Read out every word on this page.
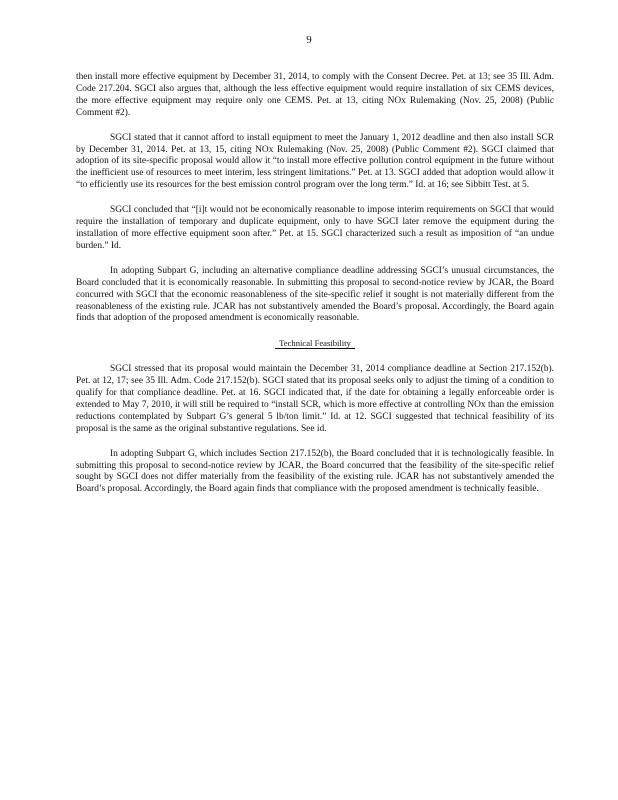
9

then install more effective equipment by December 31, 2014, to comply with the Consent Decree. Pet. at 13; see 35 Ill. Adm. Code 217.204. SGCI also argues that, although the less effective equipment would require installation of six CEMS devices, the more effective equipment may require only one CEMS. Pet. at 13, citing NOx Rulemaking (Nov. 25, 2008) (Public Comment #2).

SGCI stated that it cannot afford to install equipment to meet the January 1, 2012 deadline and then also install SCR by December 31, 2014. Pet. at 13, 15, citing NOx Rulemaking (Nov. 25, 2008) (Public Comment #2). SGCI claimed that adoption of its site-specific proposal would allow it “to install more effective pollution control equipment in the future without the inefficient use of resources to meet interim, less stringent limitations.” Pet. at 13. SGCI added that adoption would allow it “to efficiently use its resources for the best emission control program over the long term.” Id. at 16; see Sibbitt Test. at 5.

SGCI concluded that “[i]t would not be economically reasonable to impose interim requirements on SGCI that would require the installation of temporary and duplicate equipment, only to have SGCI later remove the equipment during the installation of more effective equipment soon after.” Pet. at 15. SGCI characterized such a result as imposition of “an undue burden.” Id.

In adopting Subpart G, including an alternative compliance deadline addressing SGCI’s unusual circumstances, the Board concluded that it is economically reasonable. In submitting this proposal to second-notice review by JCAR, the Board concurred with SGCI that the economic reasonableness of the site-specific relief it sought is not materially different from the reasonableness of the existing rule. JCAR has not substantively amended the Board’s proposal. Accordingly, the Board again finds that adoption of the proposed amendment is economically reasonable.

Technical Feasibility

SGCI stressed that its proposal would maintain the December 31, 2014 compliance deadline at Section 217.152(b). Pet. at 12, 17; see 35 Ill. Adm. Code 217.152(b). SGCI stated that its proposal seeks only to adjust the timing of a condition to qualify for that compliance deadline. Pet. at 16. SGCI indicated that, if the date for obtaining a legally enforceable order is extended to May 7, 2010, it will still be required to “install SCR, which is more effective at controlling NOx than the emission reductions contemplated by Subpart G’s general 5 lb/ton limit.” Id. at 12. SGCI suggested that technical feasibility of its proposal is the same as the original substantive regulations. See id.

In adopting Subpart G, which includes Section 217.152(b), the Board concluded that it is technologically feasible. In submitting this proposal to second-notice review by JCAR, the Board concurred that the feasibility of the site-specific relief sought by SGCI does not differ materially from the feasibility of the existing rule. JCAR has not substantively amended the Board’s proposal. Accordingly, the Board again finds that compliance with the proposed amendment is technically feasible.
